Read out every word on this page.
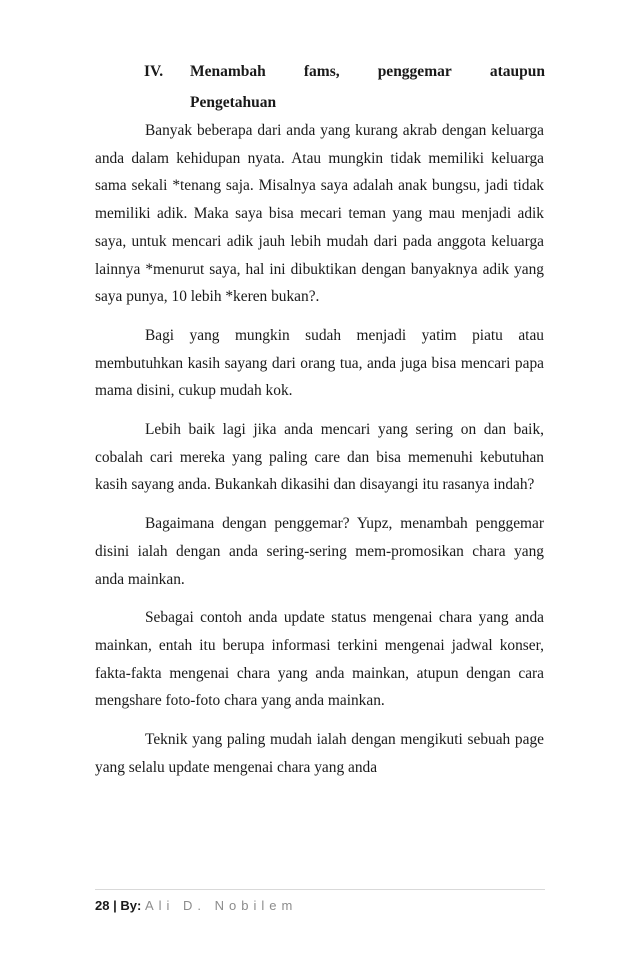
IV. Menambah fams, penggemar ataupun
Pengetahuan

Banyak beberapa dari anda yang kurang akrab dengan keluarga anda dalam kehidupan nyata. Atau mungkin tidak memiliki keluarga sama sekali *tenang saja. Misalnya saya adalah anak bungsu, jadi tidak memiliki adik. Maka saya bisa mecari teman yang mau menjadi adik saya, untuk mencari adik jauh lebih mudah dari pada anggota keluarga lainnya *menurut saya, hal ini dibuktikan dengan banyaknya adik yang saya punya, 10 lebih *keren bukan?.

Bagi yang mungkin sudah menjadi yatim piatu atau membutuhkan kasih sayang dari orang tua, anda juga bisa mencari papa mama disini, cukup mudah kok.

Lebih baik lagi jika anda mencari yang sering on dan baik, cobalah cari mereka yang paling care dan bisa memenuhi kebutuhan kasih sayang anda. Bukankah dikasihi dan disayangi itu rasanya indah?

Bagaimana dengan penggemar? Yupz, menambah penggemar disini ialah dengan anda sering-sering mem-promosikan chara yang anda mainkan.

Sebagai contoh anda update status mengenai chara yang anda mainkan, entah itu berupa informasi terkini mengenai jadwal konser, fakta-fakta mengenai chara yang anda mainkan, atupun dengan cara mengshare foto-foto chara yang anda mainkan.

Teknik yang paling mudah ialah dengan mengikuti sebuah page yang selalu update mengenai chara yang anda

28 | By: Ali D. Nobilem
